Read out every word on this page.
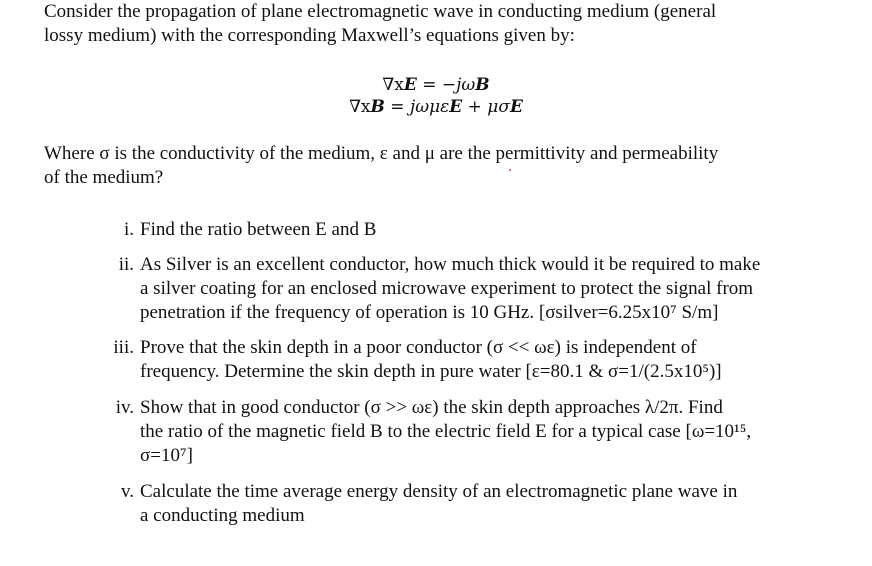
Consider the propagation of plane electromagnetic wave in conducting medium (general
lossy medium) with the corresponding Maxwell’s equations given by:
∇xE = −jωB
∇xB = jωμεE + μσE
Where σ is the conductivity of the medium, ε and μ are the permittivity and permeability
of the medium?
i. Find the ratio between E and B
ii. As Silver is an excellent conductor, how much thick would it be required to make
a silver coating for an enclosed microwave experiment to protect the signal from
penetration if the frequency of operation is 10 GHz. [σsilver=6.25x10⁷ S/m]
iii. Prove that the skin depth in a poor conductor (σ << ωε) is independent of
frequency. Determine the skin depth in pure water [ε=80.1 & σ=1/(2.5x10⁵)]
iv. Show that in good conductor (σ >> ωε) the skin depth approaches λ/2π. Find
the ratio of the magnetic field B to the electric field E for a typical case [ω=10¹⁵,
σ=10⁷]
v. Calculate the time average energy density of an electromagnetic plane wave in
a conducting medium
